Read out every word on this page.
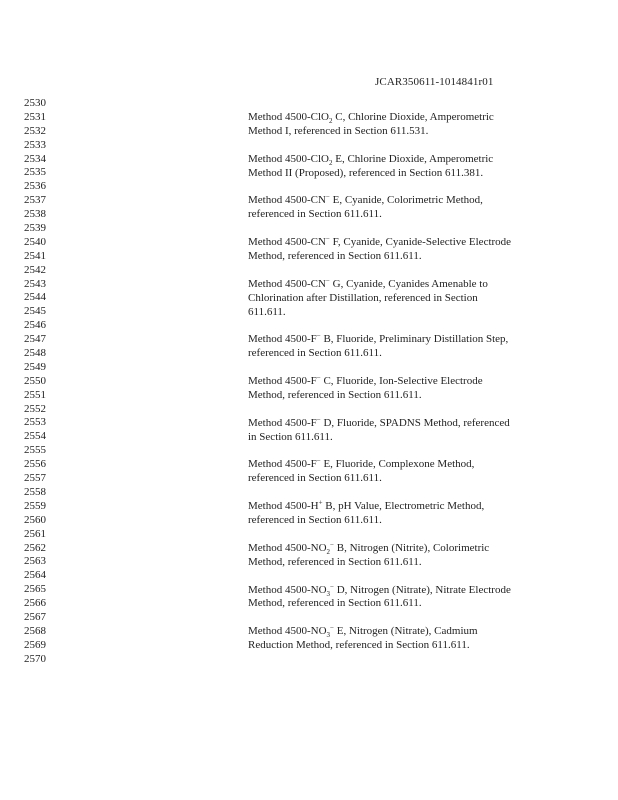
JCAR350611-1014841r01
2530
2531
2532
2533
2534
2535
2536
2537
2538
2539
2540
2541
2542
2543
2544
2545
2546
2547
2548
2549
2550
2551
2552
2553
2554
2555
2556
2557
2558
2559
2560
2561
2562
2563
2564
2565
2566
2567
2568
2569
2570
Method 4500-ClO$_2$ C, Chlorine Dioxide, Amperometric
Method I, referenced in Section 611.531.
Method 4500-ClO$_2$ E, Chlorine Dioxide, Amperometric
Method II (Proposed), referenced in Section 611.381.
Method 4500-CN− E, Cyanide, Colorimetric Method,
referenced in Section 611.611.
Method 4500-CN− F, Cyanide, Cyanide-Selective Electrode
Method, referenced in Section 611.611.
Method 4500-CN− G, Cyanide, Cyanides Amenable to
Chlorination after Distillation, referenced in Section
611.611.
Method 4500-F− B, Fluoride, Preliminary Distillation Step,
referenced in Section 611.611.
Method 4500-F− C, Fluoride, Ion-Selective Electrode
Method, referenced in Section 611.611.
Method 4500-F− D, Fluoride, SPADNS Method, referenced
in Section 611.611.
Method 4500-F− E, Fluoride, Complexone Method,
referenced in Section 611.611.
Method 4500-H+ B, pH Value, Electrometric Method,
referenced in Section 611.611.
Method $4500-NO_2^-$ B, Nitrogen (Nitrite), Colorimetric
Method, referenced in Section 611.611.
Method $4500-NO_3^-$ D, Nitrogen (Nitrate), Nitrate Electrode
Method, referenced in Section 611.611.
Method $4500-NO_3^-$ E, Nitrogen (Nitrate), Cadmium
Reduction Method, referenced in Section 611.611.
